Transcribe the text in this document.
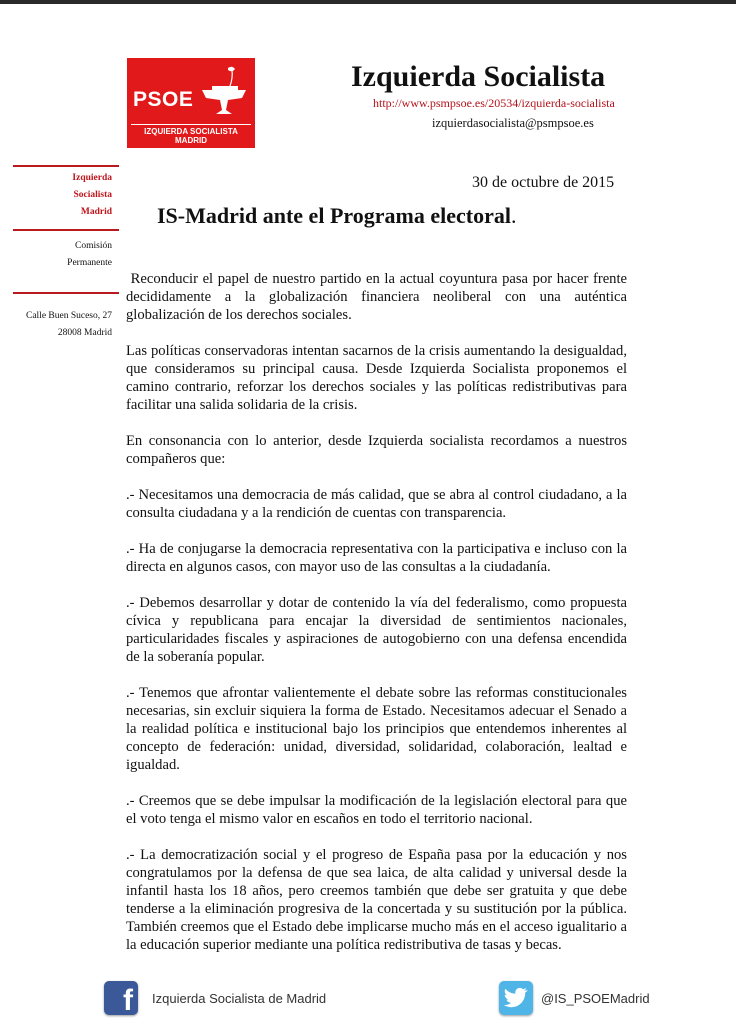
PSOE
IZQUIERDA SOCIALISTA
MADRID
Izquierda Socialista
http://www.psmpsoe.es/20534/izquierda-socialista
izquierdasocialista@psmpsoe.es
Izquierda
Socialista
Madrid
Comisión
Permanente
Calle Buen Suceso, 27
28008 Madrid
30 de octubre de 2015
IS-Madrid ante el Programa electoral.

Reconducir el papel de nuestro partido en la actual coyuntura pasa por hacer frente decididamente a la globalización financiera neoliberal con una auténtica globalización de los derechos sociales.

Las políticas conservadoras intentan sacarnos de la crisis aumentando la desigualdad, que consideramos su principal causa. Desde Izquierda Socialista proponemos el camino contrario, reforzar los derechos sociales y las políticas redistributivas para facilitar una salida solidaria de la crisis.

En consonancia con lo anterior, desde Izquierda socialista recordamos a nuestros compañeros que:

.- Necesitamos una democracia de más calidad, que se abra al control ciudadano, a la consulta ciudadana y a la rendición de cuentas con transparencia.

.- Ha de conjugarse la democracia representativa con la participativa e incluso con la directa en algunos casos, con mayor uso de las consultas a la ciudadanía.

.- Debemos desarrollar y dotar de contenido la vía del federalismo, como propuesta cívica y republicana para encajar la diversidad de sentimientos nacionales, particularidades fiscales y aspiraciones de autogobierno con una defensa encendida de la soberanía popular.

.- Tenemos que afrontar valientemente el debate sobre las reformas constitucionales necesarias, sin excluir siquiera la forma de Estado. Necesitamos adecuar el Senado a la realidad política e institucional bajo los principios que entendemos inherentes al concepto de federación: unidad, diversidad, solidaridad, colaboración, lealtad e igualdad.

.- Creemos que se debe impulsar la modificación de la legislación electoral para que el voto tenga el mismo valor en escaños en todo el territorio nacional.

.- La democratización social y el progreso de España pasa por la educación y nos congratulamos por la defensa de que sea laica, de alta calidad y universal desde la infantil hasta los 18 años, pero creemos también que debe ser gratuita y que debe tenderse a la eliminación progresiva de la concertada y su sustitución por la pública. También creemos que el Estado debe implicarse mucho más en el acceso igualitario a la educación superior mediante una política redistributiva de tasas y becas.

f Izquierda Socialista de Madrid	@IS_PSOEMadrid
